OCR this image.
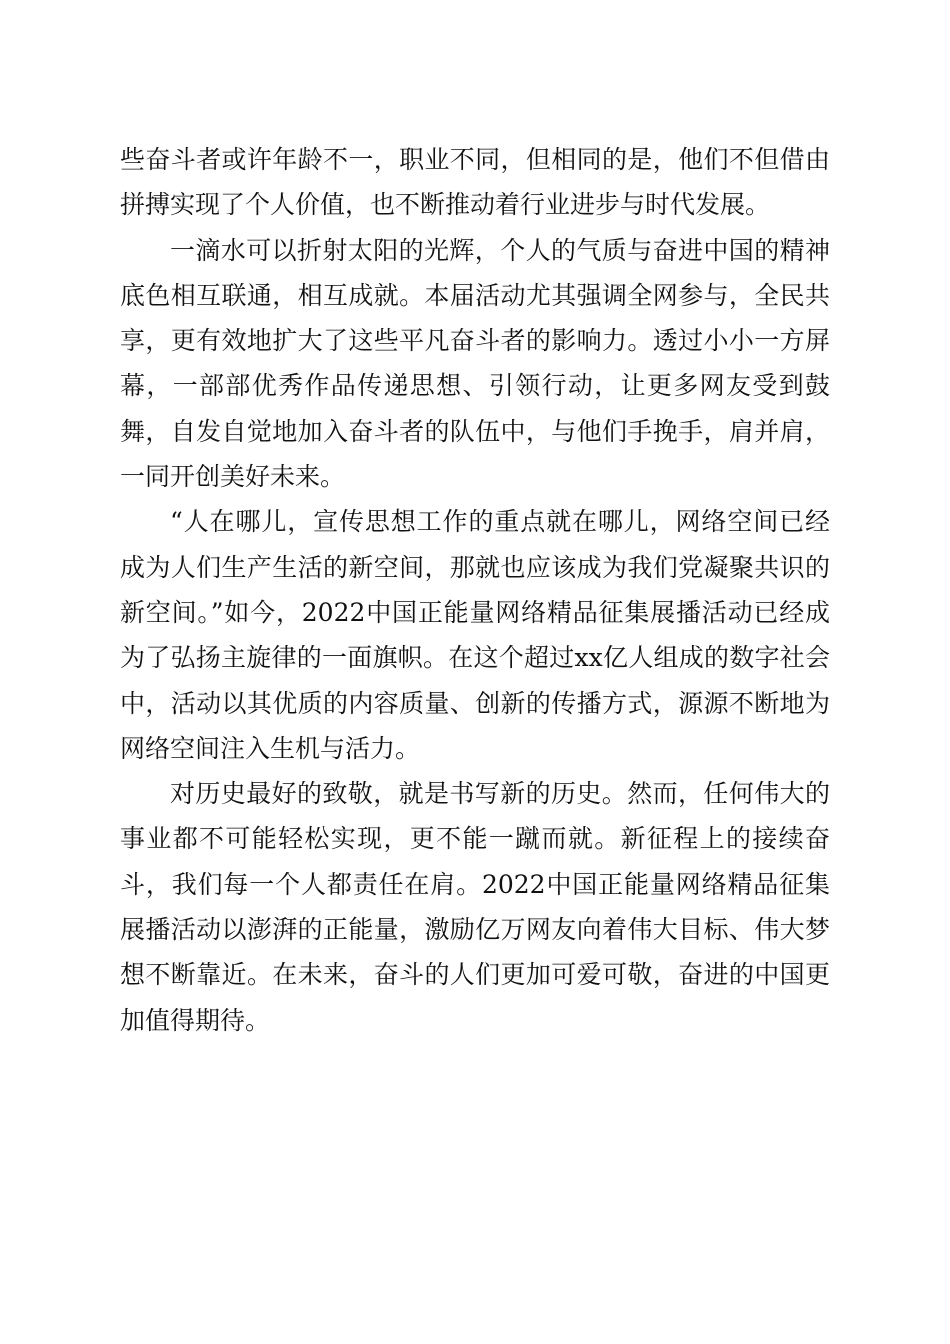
些奋斗者或许年龄不一，职业不同，但相同的是，他们不但借由拼搏实现了个人价值，也不断推动着行业进步与时代发展。

一滴水可以折射太阳的光辉，个人的气质与奋进中国的精神底色相互联通，相互成就。本届活动尤其强调全网参与，全民共享，更有效地扩大了这些平凡奋斗者的影响力。透过小小一方屏幕，一部部优秀作品传递思想、引领行动，让更多网友受到鼓舞，自发自觉地加入奋斗者的队伍中，与他们手挽手，肩并肩，一同开创美好未来。

“人在哪儿，宣传思想工作的重点就在哪儿，网络空间已经成为人们生产生活的新空间，那就也应该成为我们党凝聚共识的新空间。”如今，2022中国正能量网络精品征集展播活动已经成为了弘扬主旋律的一面旗帜。在这个超过xx亿人组成的数字社会中，活动以其优质的内容质量、创新的传播方式，源源不断地为网络空间注入生机与活力。

对历史最好的致敬，就是书写新的历史。然而，任何伟大的事业都不可能轻松实现，更不能一蹴而就。新征程上的接续奋斗，我们每一个人都责任在肩。2022中国正能量网络精品征集展播活动以澎湃的正能量，激励亿万网友向着伟大目标、伟大梦想不断靠近。在未来，奋斗的人们更加可爱可敬，奋进的中国更加值得期待。
